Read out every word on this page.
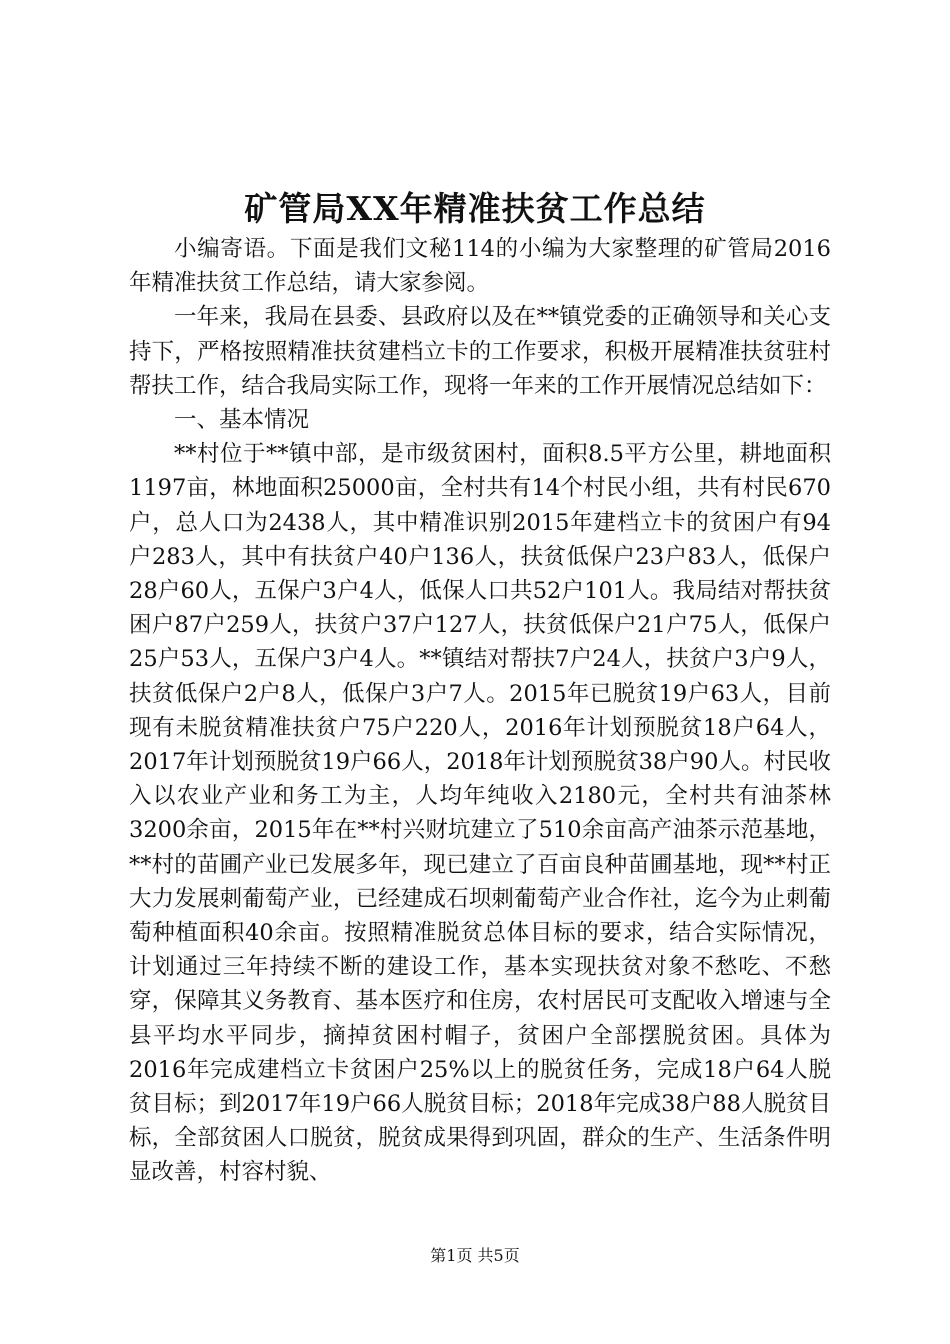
矿管局XX年精准扶贫工作总结

小编寄语。下面是我们文秘114的小编为大家整理的矿管局2016年精准扶贫工作总结，请大家参阅。

一年来，我局在县委、县政府以及在**镇党委的正确领导和关心支持下，严格按照精准扶贫建档立卡的工作要求，积极开展精准扶贫驻村帮扶工作，结合我局实际工作，现将一年来的工作开展情况总结如下：

一、基本情况

**村位于**镇中部，是市级贫困村，面积8.5平方公里，耕地面积1197亩，林地面积25000亩，全村共有14个村民小组，共有村民670户，总人口为2438人，其中精准识别2015年建档立卡的贫困户有94户283人，其中有扶贫户40户136人，扶贫低保户23户83人，低保户28户60人，五保户3户4人，低保人口共52户101人。我局结对帮扶贫困户87户259人，扶贫户37户127人，扶贫低保户21户75人，低保户25户53人，五保户3户4人。**镇结对帮扶7户24人，扶贫户3户9人，扶贫低保户2户8人，低保户3户7人。2015年已脱贫19户63人，目前现有未脱贫精准扶贫户75户220人，2016年计划预脱贫18户64人，2017年计划预脱贫19户66人，2018年计划预脱贫38户90人。村民收入以农业产业和务工为主，人均年纯收入2180元，全村共有油茶林3200余亩，2015年在**村兴财坑建立了510余亩高产油茶示范基地，**村的苗圃产业已发展多年，现已建立了百亩良种苗圃基地，现**村正大力发展刺葡萄产业，已经建成石坝刺葡萄产业合作社，迄今为止刺葡萄种植面积40余亩。按照精准脱贫总体目标的要求，结合实际情况，计划通过三年持续不断的建设工作，基本实现扶贫对象不愁吃、不愁穿，保障其义务教育、基本医疗和住房，农村居民可支配收入增速与全县平均水平同步，摘掉贫困村帽子，贫困户全部摆脱贫困。具体为2016年完成建档立卡贫困户25%以上的脱贫任务，完成18户64人脱贫目标；到2017年19户66人脱贫目标；2018年完成38户88人脱贫目标，全部贫困人口脱贫，脱贫成果得到巩固，群众的生产、生活条件明显改善，村容村貌、

第1页 共5页
